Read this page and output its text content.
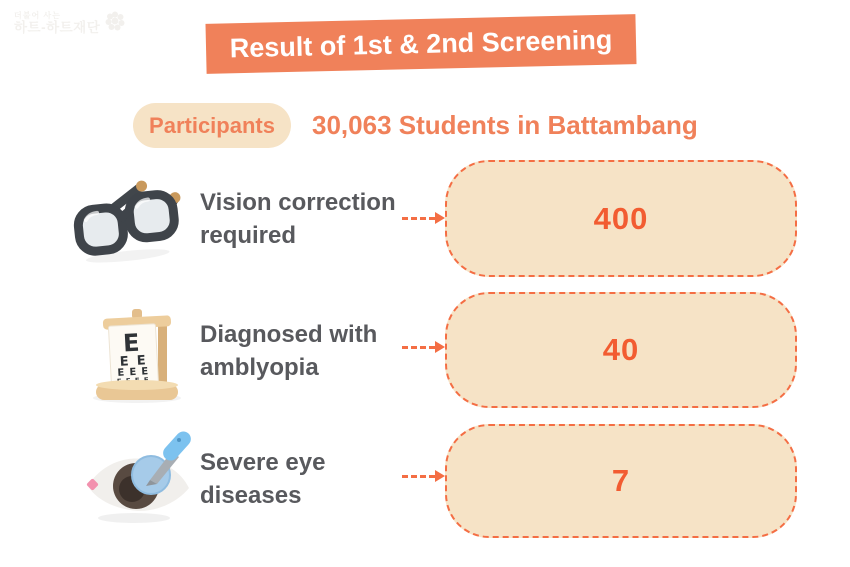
더불어 사는
하트-하트재단	Result of 1st & 2nd Screening
Participants 30,063 Students in Battambang
Vision correction
required	400
E
E E
E E E
Diagnosed with
amblyopia
40
Severe eye
diseases	7
